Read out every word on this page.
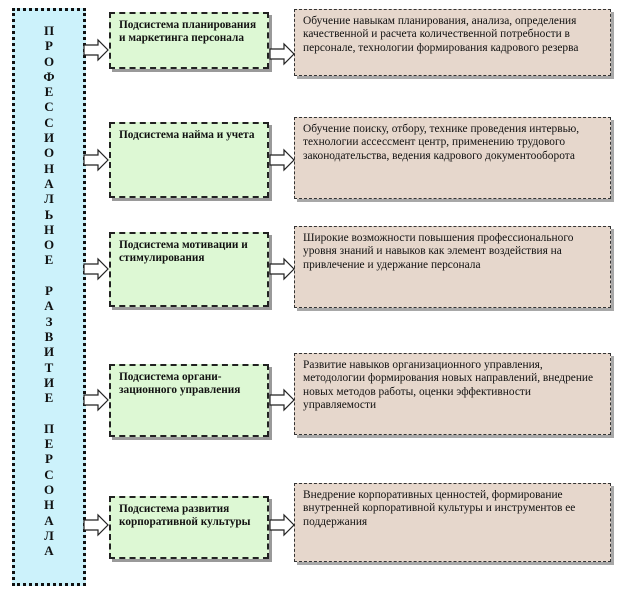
П
Р
О
Ф
Е
С
С
И
О
Н
А
Л
Ь
Н
О
Е

Р
А
З
В
И
Т
И
Е

П
Е
Р
С
О
Н
А
Л
А
Подсистема планирования и маркетинга персонала
Обучение навыкам планирования, анализа, определения качественной и расчета количественной потребности в персонале, технологии формирования кадрового резерва
Подсистема найма и учета	Обучение поиску, отбору, технике проведения интервью, технологии ассессмент центр, применению трудового законодательства, ведения кадрового документооборота
Подсистема мотивации и стимулирования
Широкие возможности повышения профессионального уровня знаний и навыков как элемент воздействия на привлечение и удержание персонала
Подсистема органи-зационного управления
Развитие навыков организационного управления, методологии формирования новых направлений, внедрение новых методов работы, оценки эффективности управляемости
Подсистема развития корпоративной культуры
Внедрение корпоративных ценностей, формирование внутренней корпоративной культуры и инструментов ее поддержания
